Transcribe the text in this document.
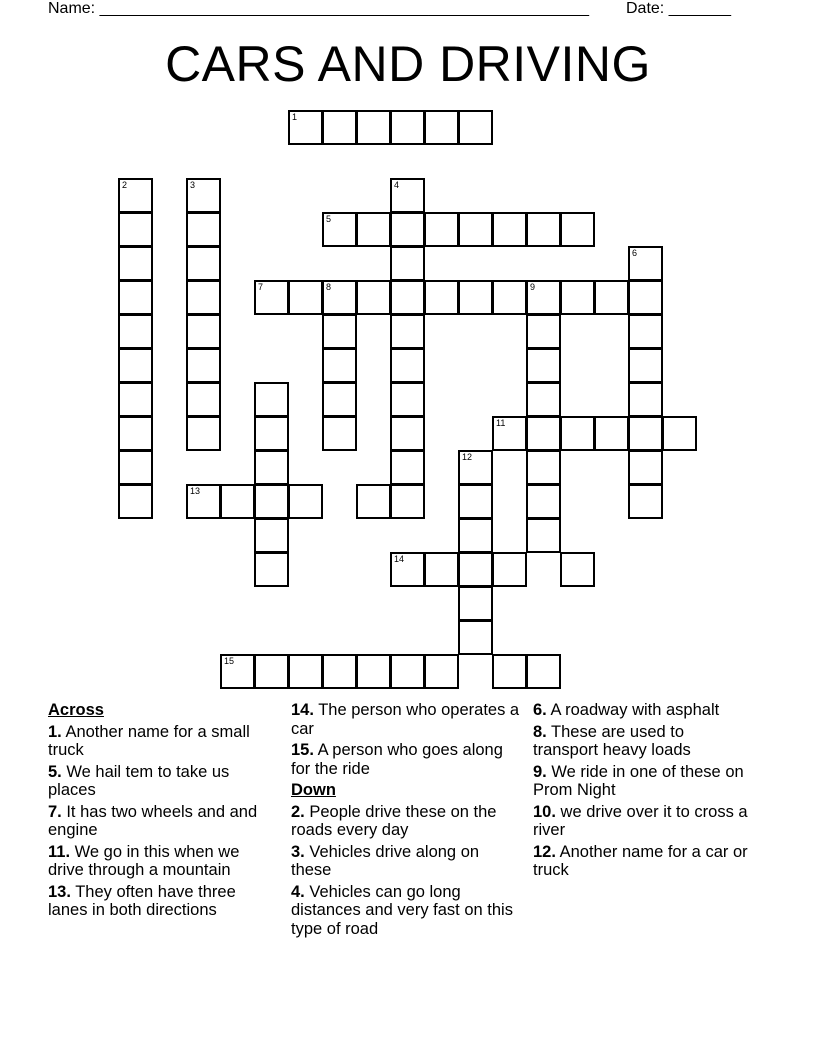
Name: _______________________________________________________ Date: _______
CARS AND DRIVING
1
2	3	4
5
6
7	8	9
11
12
13
14
15
Across
1. Another name for a small truck
5. We hail tem to take us places
7. It has two wheels and and engine
11. We go in this when we drive through a mountain
13. They often have three lanes in both directions
14. The person who operates a car
15. A person who goes along for the ride
Down
2. People drive these on the roads every day
3. Vehicles drive along on these
4. Vehicles can go long distances and very fast on this type of road
6. A roadway with asphalt
8. These are used to transport heavy loads
9. We ride in one of these on Prom Night
10. we drive over it to cross a river
12. Another name for a car or truck
